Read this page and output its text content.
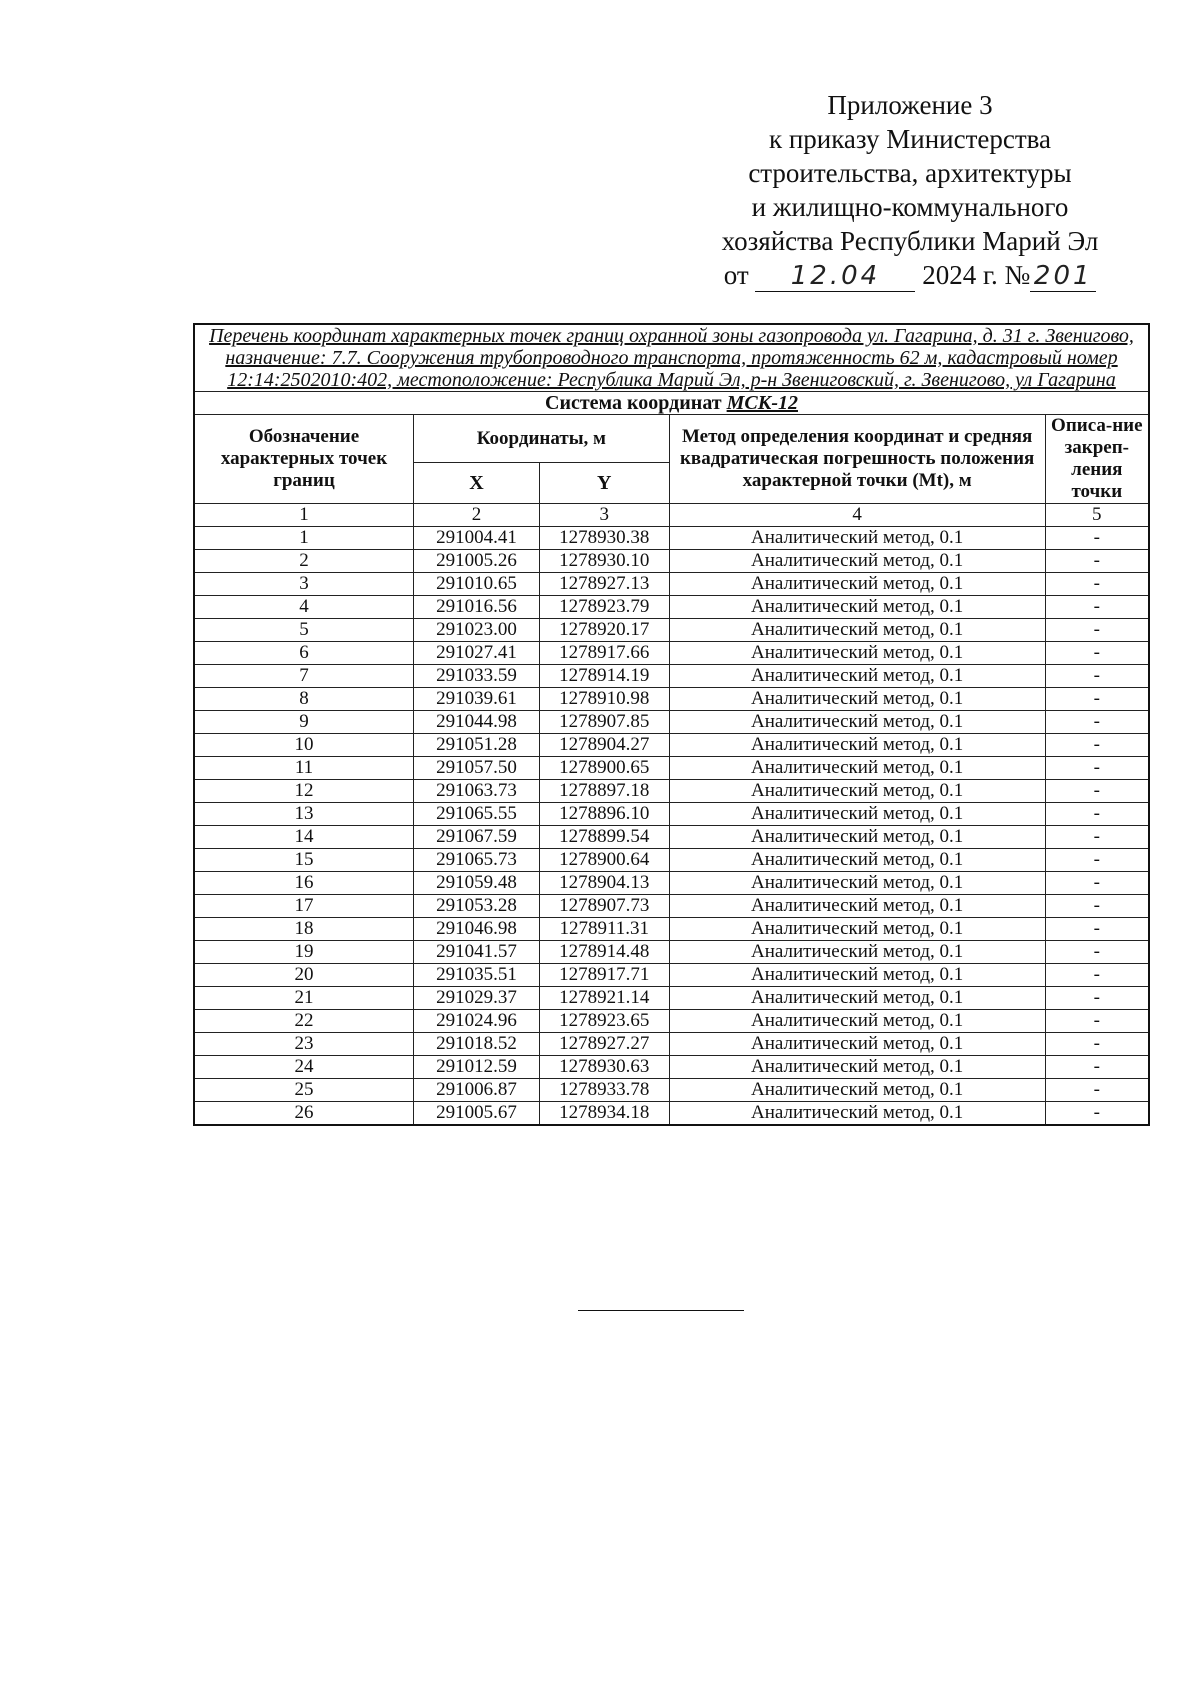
Приложение 3
к приказу Министерства
строительства, архитектуры
и жилищно-коммунального
хозяйства Республики Марий Эл
от 12.04 2024 г. № 201
Перечень координат характерных точек границ охранной зоны газопровода ул. Гагарина, д. 31 г. Звенигово, назначение: 7.7. Сооружения трубопроводного транспорта, протяженность 62 м, кадастровый номер 12:14:2502010:402, местоположение: Республика Марий Эл, р-н Звениговский, г. Звенигово, ул Гагарина				
Система координат МСК-12				
Обозначение характерных точек границ	Координаты, м		Метод определения координат и средняя квадратическая погрешность положения характерной точки (Mt), м	Описа-ние закреп-ления точки
	X	Y		
1	2	3	4	5
1	291004.41	1278930.38	Аналитический метод, 0.1	-
2	291005.26	1278930.10	Аналитический метод, 0.1	-
3	291010.65	1278927.13	Аналитический метод, 0.1	-
4	291016.56	1278923.79	Аналитический метод, 0.1	-
5	291023.00	1278920.17	Аналитический метод, 0.1	-
6	291027.41	1278917.66	Аналитический метод, 0.1	-
7	291033.59	1278914.19	Аналитический метод, 0.1	-
8	291039.61	1278910.98	Аналитический метод, 0.1	-
9	291044.98	1278907.85	Аналитический метод, 0.1	-
10	291051.28	1278904.27	Аналитический метод, 0.1	-
11	291057.50	1278900.65	Аналитический метод, 0.1	-
12	291063.73	1278897.18	Аналитический метод, 0.1	-
13	291065.55	1278896.10	Аналитический метод, 0.1	-
14	291067.59	1278899.54	Аналитический метод, 0.1	-
15	291065.73	1278900.64	Аналитический метод, 0.1	-
16	291059.48	1278904.13	Аналитический метод, 0.1	-
17	291053.28	1278907.73	Аналитический метод, 0.1	-
18	291046.98	1278911.31	Аналитический метод, 0.1	-
19	291041.57	1278914.48	Аналитический метод, 0.1	-
20	291035.51	1278917.71	Аналитический метод, 0.1	-
21	291029.37	1278921.14	Аналитический метод, 0.1	-
22	291024.96	1278923.65	Аналитический метод, 0.1	-
23	291018.52	1278927.27	Аналитический метод, 0.1	-
24	291012.59	1278930.63	Аналитический метод, 0.1	-
25	291006.87	1278933.78	Аналитический метод, 0.1	-
26	291005.67	1278934.18	Аналитический метод, 0.1	-
